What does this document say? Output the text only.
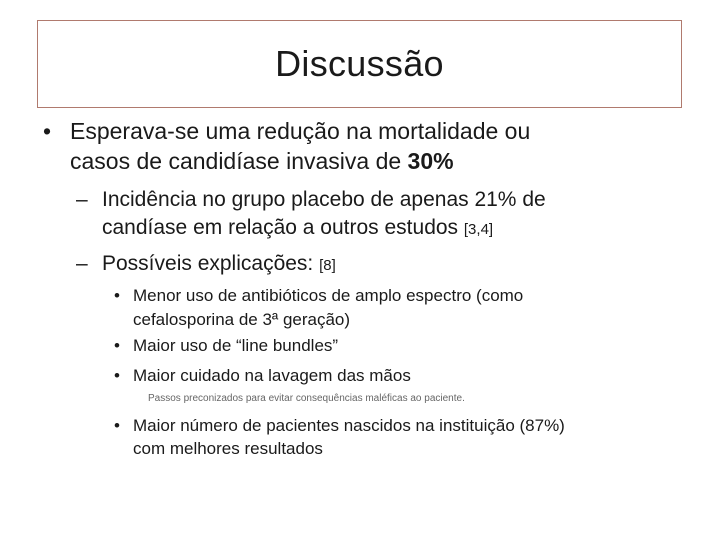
Discussão
• Esperava-se uma redução na mortalidade ou
casos de candidíase invasiva de 30%
– Incidência no grupo placebo de apenas 21% de
candíase em relação a outros estudos [3,4]
– Possíveis explicações: [8]
• Menor uso de antibióticos de amplo espectro (como
cefalosporina de 3ª geração)
• Maior uso de “line bundles”
• Maior cuidado na lavagem das mãos
Passos preconizados para evitar consequências maléficas ao paciente.
• Maior número de pacientes nascidos na instituição (87%)
com melhores resultados
